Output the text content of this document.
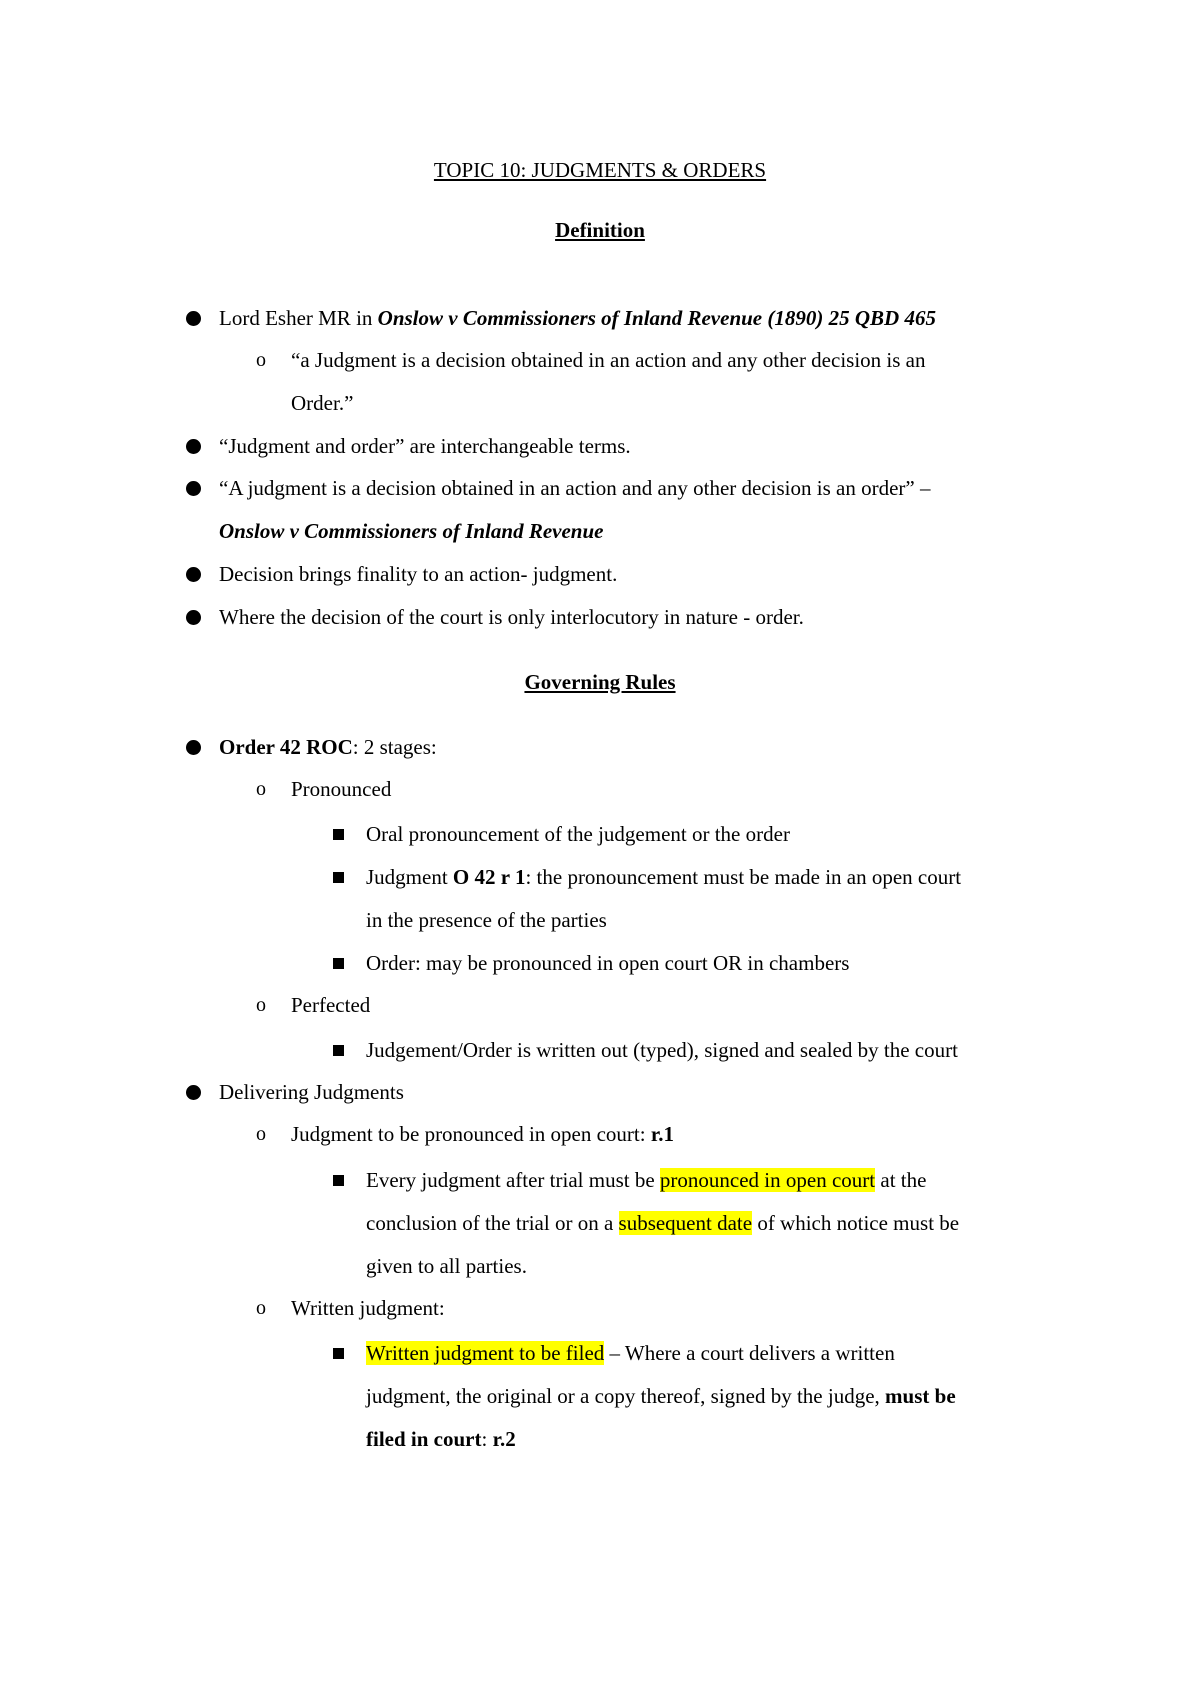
TOPIC 10: JUDGMENTS & ORDERS
Definition
Lord Esher MR in Onslow v Commissioners of Inland Revenue (1890) 25 QBD 465
o “a Judgment is a decision obtained in an action and any other decision is an
Order.”
“Judgment and order” are interchangeable terms.
“A judgment is a decision obtained in an action and any other decision is an order” –
Onslow v Commissioners of Inland Revenue
Decision brings finality to an action- judgment.
Where the decision of the court is only interlocutory in nature - order.
Governing Rules
Order 42 ROC: 2 stages:
o Pronounced
Oral pronouncement of the judgement or the order
Judgment O 42 r 1: the pronouncement must be made in an open court
in the presence of the parties
Order: may be pronounced in open court OR in chambers
o Perfected
Judgement/Order is written out (typed), signed and sealed by the court
Delivering Judgments
o Judgment to be pronounced in open court: r.1
Every judgment after trial must be pronounced in open court at the
conclusion of the trial or on a subsequent date of which notice must be
given to all parties.
o Written judgment:
Written judgment to be filed – Where a court delivers a written
judgment, the original or a copy thereof, signed by the judge, must be
filed in court: r.2
